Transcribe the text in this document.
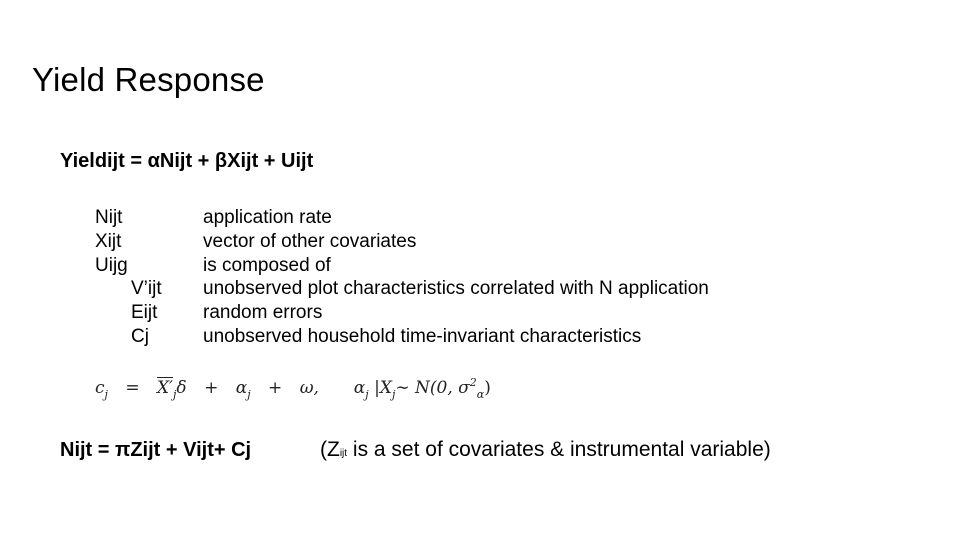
Yield Response
Yieldijt = αNijt + βXijt + Uijt
Nijt	application rate
Xijt	vector of other covariates
Uijg	is composed of
V’ijt unobserved plot characteristics correlated with N application
Eijt random errors
Cj	unobserved household time-invariant characteristics
$c_j = X'_j\delta + \alpha_j + \omega$, $\alpha_j$ $|X_j\sim$ N(0, $\sigma^2_\alpha$)
Nijt = πZijt + Vijt+ Cj	(Zijt is a set of covariates & instrumental variable)
